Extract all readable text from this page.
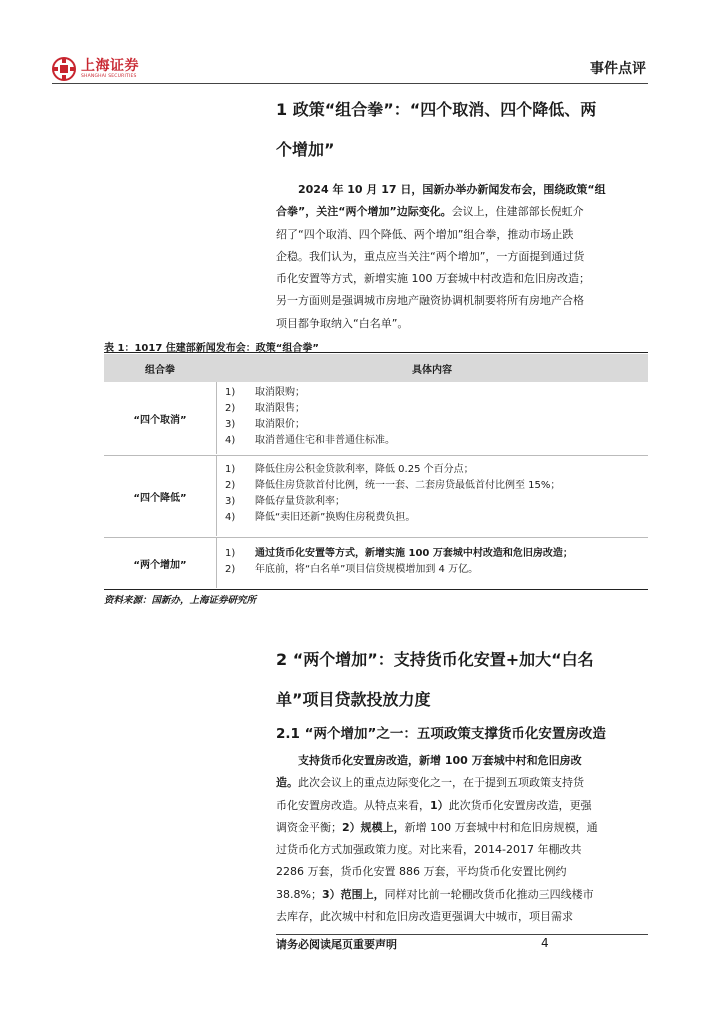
上海证券
SHANGHAI SECURITIES	事件点评

1 政策“组合拳”：“四个取消、四个降低、两

个增加”

2024 年 10 月 17 日，国新办举办新闻发布会，围绕政策“组

合拳”，关注“两个增加”边际变化。会议上，住建部部长倪虹介

绍了“四个取消、四个降低、两个增加”组合拳，推动市场止跌

企稳。我们认为，重点应当关注“两个增加”，一方面提到通过货

币化安置等方式，新增实施 100 万套城中村改造和危旧房改造；

另一方面则是强调城市房地产融资协调机制要将所有房地产合格

项目都争取纳入“白名单”。

表 1：1017 住建部新闻发布会：政策“组合拳”
组合拳	具体内容
“四个取消”
1)	取消限购；
2)	取消限售；
3)	取消限价；
4)	取消普通住宅和非普通住标准。
“四个降低”
1)	降低住房公积金贷款利率，降低 0.25 个百分点；
2)	降低住房贷款首付比例，统一一套、二套房贷最低首付比例至 15%；
3)	降低存量贷款利率；
4)	降低“卖旧还新”换购住房税费负担。
“两个增加”
1)	通过货币化安置等方式，新增实施 100 万套城中村改造和危旧房改造；
2)	年底前，将“白名单”项目信贷规模增加到 4 万亿。
资料来源：国新办，上海证券研究所

2 “两个增加”：支持货币化安置+加大“白名

单”项目贷款投放力度

2.1 “两个增加”之一：五项政策支撑货币化安置房改造

支持货币化安置房改造，新增 100 万套城中村和危旧房改

造。此次会议上的重点边际变化之一，在于提到五项政策支持货

币化安置房改造。从特点来看，1）此次货币化安置房改造，更强

调资金平衡；2）规模上，新增 100 万套城中村和危旧房规模，通

过货币化方式加强政策力度。对比来看，2014-2017 年棚改共

2286 万套，货币化安置 886 万套，平均货币化安置比例约

38.8%；3）范围上，同样对比前一轮棚改货币化推动三四线楼市

去库存，此次城中村和危旧房改造更强调大中城市，项目需求

请务必阅读尾页重要声明	4
